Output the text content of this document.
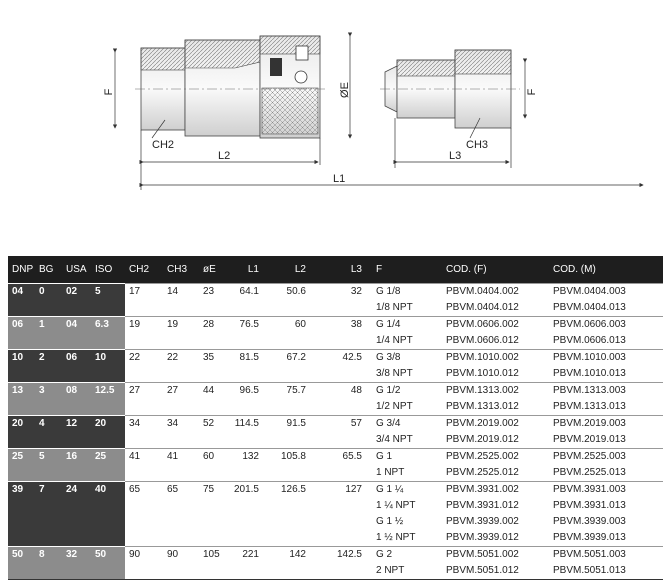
F	F
ØE
CH2	CH3
L2	L3
L1
DNP	BG	USA	ISO	CH2	CH3	øE	L1	L2	L3	F	COD. (F)	COD. (M)
04	0	02	5	17	14	23	64.1	50.6	32	G 1/8	PBVM.0404.002	PBVM.0404.003
										1/8 NPT	PBVM.0404.012	PBVM.0404.013
06	1	04	6.3	19	19	28	76.5	60	38	G 1/4	PBVM.0606.002	PBVM.0606.003
										1/4 NPT	PBVM.0606.012	PBVM.0606.013
10	2	06	10	22	22	35	81.5	67.2	42.5	G 3/8	PBVM.1010.002	PBVM.1010.003
										3/8 NPT	PBVM.1010.012	PBVM.1010.013
13	3	08	12.5	27	27	44	96.5	75.7	48	G 1/2	PBVM.1313.002	PBVM.1313.003
										1/2 NPT	PBVM.1313.012	PBVM.1313.013
20	4	12	20	34	34	52	114.5	91.5	57	G 3/4	PBVM.2019.002	PBVM.2019.003
										3/4 NPT	PBVM.2019.012	PBVM.2019.013
25	5	16	25	41	41	60	132	105.8	65.5	G 1	PBVM.2525.002	PBVM.2525.003
										1 NPT	PBVM.2525.012	PBVM.2525.013
39	7	24	40	65	65	75	201.5	126.5	127	G 1 ¼	PBVM.3931.002	PBVM.3931.003
										1 ¼ NPT	PBVM.3931.012	PBVM.3931.013
										G 1 ½	PBVM.3939.002	PBVM.3939.003
										1 ½ NPT	PBVM.3939.012	PBVM.3939.013
50	8	32	50	90	90	105	221	142	142.5	G 2	PBVM.5051.002	PBVM.5051.003
										2 NPT	PBVM.5051.012	PBVM.5051.013
